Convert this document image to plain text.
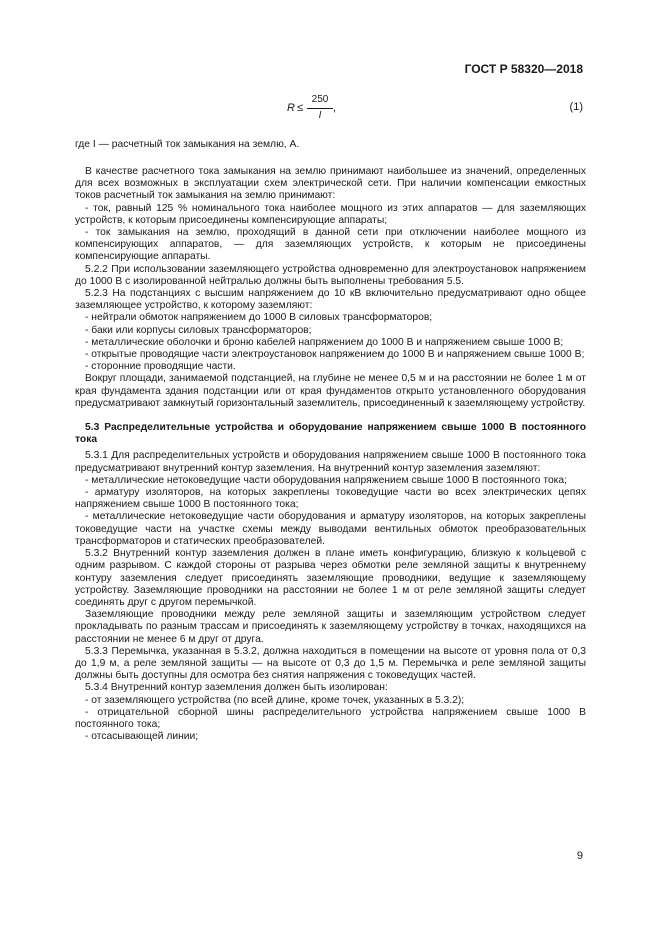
ГОСТ Р 58320—2018
R ≤
250
I
,	(1)

где I — расчетный ток замыкания на землю, А.

В качестве расчетного тока замыкания на землю принимают наибольшее из значений, определенных для всех возможных в эксплуатации схем электрической сети. При наличии компенсации емкостных токов расчетный ток замыкания на землю принимают:

- ток, равный 125 % номинального тока наиболее мощного из этих аппаратов — для заземляющих устройств, к которым присоединены компенсирующие аппараты;

- ток замыкания на землю, проходящий в данной сети при отключении наиболее мощного из компенсирующих аппаратов, — для заземляющих устройств, к которым не присоединены компенсирующие аппараты.

5.2.2 При использовании заземляющего устройства одновременно для электроустановок напряжением до 1000 В с изолированной нейтралью должны быть выполнены требования 5.5.

5.2.3 На подстанциях с высшим напряжением до 10 кВ включительно предусматривают одно общее заземляющее устройство, к которому заземляют:

- нейтрали обмоток напряжением до 1000 В силовых трансформаторов;

- баки или корпусы силовых трансформаторов;

- металлические оболочки и броню кабелей напряжением до 1000 В и напряжением свыше 1000 В;

- открытые проводящие части электроустановок напряжением до 1000 В и напряжением свыше 1000 В;

- сторонние проводящие части.

Вокруг площади, занимаемой подстанцией, на глубине не менее 0,5 м и на расстоянии не более 1 м от края фундамента здания подстанции или от края фундаментов открыто установленного оборудования предусматривают замкнутый горизонтальный заземлитель, присоединенный к заземляющему устройству.

5.3 Распределительные устройства и оборудование напряжением свыше 1000 В постоянного тока

5.3.1 Для распределительных устройств и оборудования напряжением свыше 1000 В постоянного тока предусматривают внутренний контур заземления. На внутренний контур заземления заземляют:

- металлические нетоковедущие части оборудования напряжением свыше 1000 В постоянного тока;

- арматуру изоляторов, на которых закреплены токоведущие части во всех электрических цепях напряжением свыше 1000 В постоянного тока;

- металлические нетоковедущие части оборудования и арматуру изоляторов, на которых закреплены токоведущие части на участке схемы между выводами вентильных обмоток преобразовательных трансформаторов и статических преобразователей.

5.3.2 Внутренний контур заземления должен в плане иметь конфигурацию, близкую к кольцевой с одним разрывом. С каждой стороны от разрыва через обмотки реле земляной защиты к внутреннему контуру заземления следует присоединять заземляющие проводники, ведущие к заземляющему устройству. Заземляющие проводники на расстоянии не более 1 м от реле земляной защиты следует соединять друг с другом перемычкой.

Заземляющие проводники между реле земляной защиты и заземляющим устройством следует прокладывать по разным трассам и присоединять к заземляющему устройству в точках, находящихся на расстоянии не менее 6 м друг от друга.

5.3.3 Перемычка, указанная в 5.3.2, должна находиться в помещении на высоте от уровня пола от 0,3 до 1,9 м, а реле земляной защиты — на высоте от 0,3 до 1,5 м. Перемычка и реле земляной защиты должны быть доступны для осмотра без снятия напряжения с токоведущих частей.

5.3.4 Внутренний контур заземления должен быть изолирован:

- от заземляющего устройства (по всей длине, кроме точек, указанных в 5.3.2);

- отрицательной сборной шины распределительного устройства напряжением свыше 1000 В постоянного тока;

- отсасывающей линии;

9
